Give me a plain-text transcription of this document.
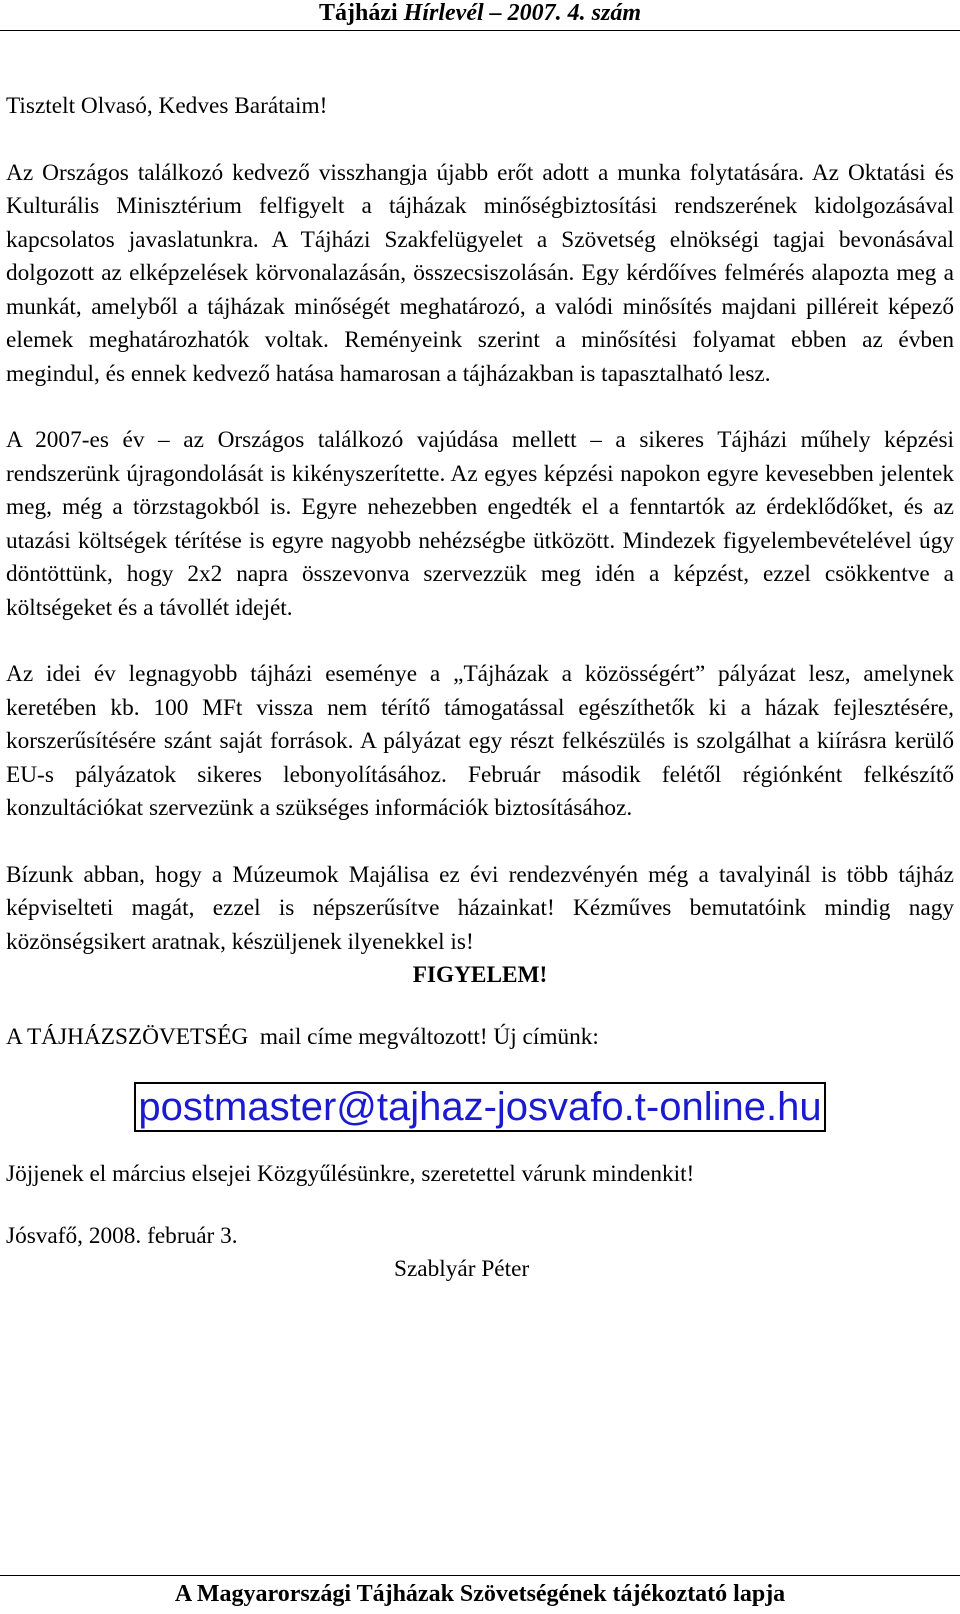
Tájházi Hírlevél – 2007. 4. szám

Tisztelt Olvasó, Kedves Barátaim!

Az Országos találkozó kedvező visszhangja újabb erőt adott a munka folytatására. Az Oktatási és Kulturális Minisztérium felfigyelt a tájházak minőségbiztosítási rendszerének kidolgozásával kapcsolatos javaslatunkra. A Tájházi Szakfelügyelet a Szövetség elnökségi tagjai bevonásával dolgozott az elképzelések körvonalazásán, összecsiszolásán. Egy kérdőíves felmérés alapozta meg a munkát, amelyből a tájházak minőségét meghatározó, a valódi minősítés majdani pilléreit képező elemek meghatározhatók voltak. Reményeink szerint a minősítési folyamat ebben az évben megindul, és ennek kedvező hatása hamarosan a tájházakban is tapasztalható lesz.

A 2007-es év – az Országos találkozó vajúdása mellett – a sikeres Tájházi műhely képzési rendszerünk újragondolását is kikényszerítette. Az egyes képzési napokon egyre kevesebben jelentek meg, még a törzstagokból is. Egyre nehezebben engedték el a fenntartók az érdeklődőket, és az utazási költségek térítése is egyre nagyobb nehézségbe ütközött. Mindezek figyelembevételével úgy döntöttünk, hogy 2x2 napra összevonva szervezzük meg idén a képzést, ezzel csökkentve a költségeket és a távollét idejét.

Az idei év legnagyobb tájházi eseménye a „Tájházak a közösségért” pályázat lesz, amelynek keretében kb. 100 MFt vissza nem térítő támogatással egészíthetők ki a házak fejlesztésére, korszerűsítésére szánt saját források. A pályázat egy részt felkészülés is szolgálhat a kiírásra kerülő EU-s pályázatok sikeres lebonyolításához. Február második felétől régiónként felkészítő konzultációkat szervezünk a szükséges információk biztosításához.

Bízunk abban, hogy a Múzeumok Majálisa ez évi rendezvényén még a tavalyinál is több tájház képviselteti magát, ezzel is népszerűsítve házainkat! Kézműves bemutatóink mindig nagy közönségsikert aratnak, készüljenek ilyenekkel is!

FIGYELEM!

A TÁJHÁZSZÖVETSÉG  mail címe megváltozott! Új címünk:

postmaster@tajhaz-josvafo.t-online.hu

Jöjjenek el március elsejei Közgyűlésünkre, szeretettel várunk mindenkit!

Jósvafő, 2008. február 3.

Szablyár Péter

A Magyarországi Tájházak Szövetségének tájékoztató lapja
